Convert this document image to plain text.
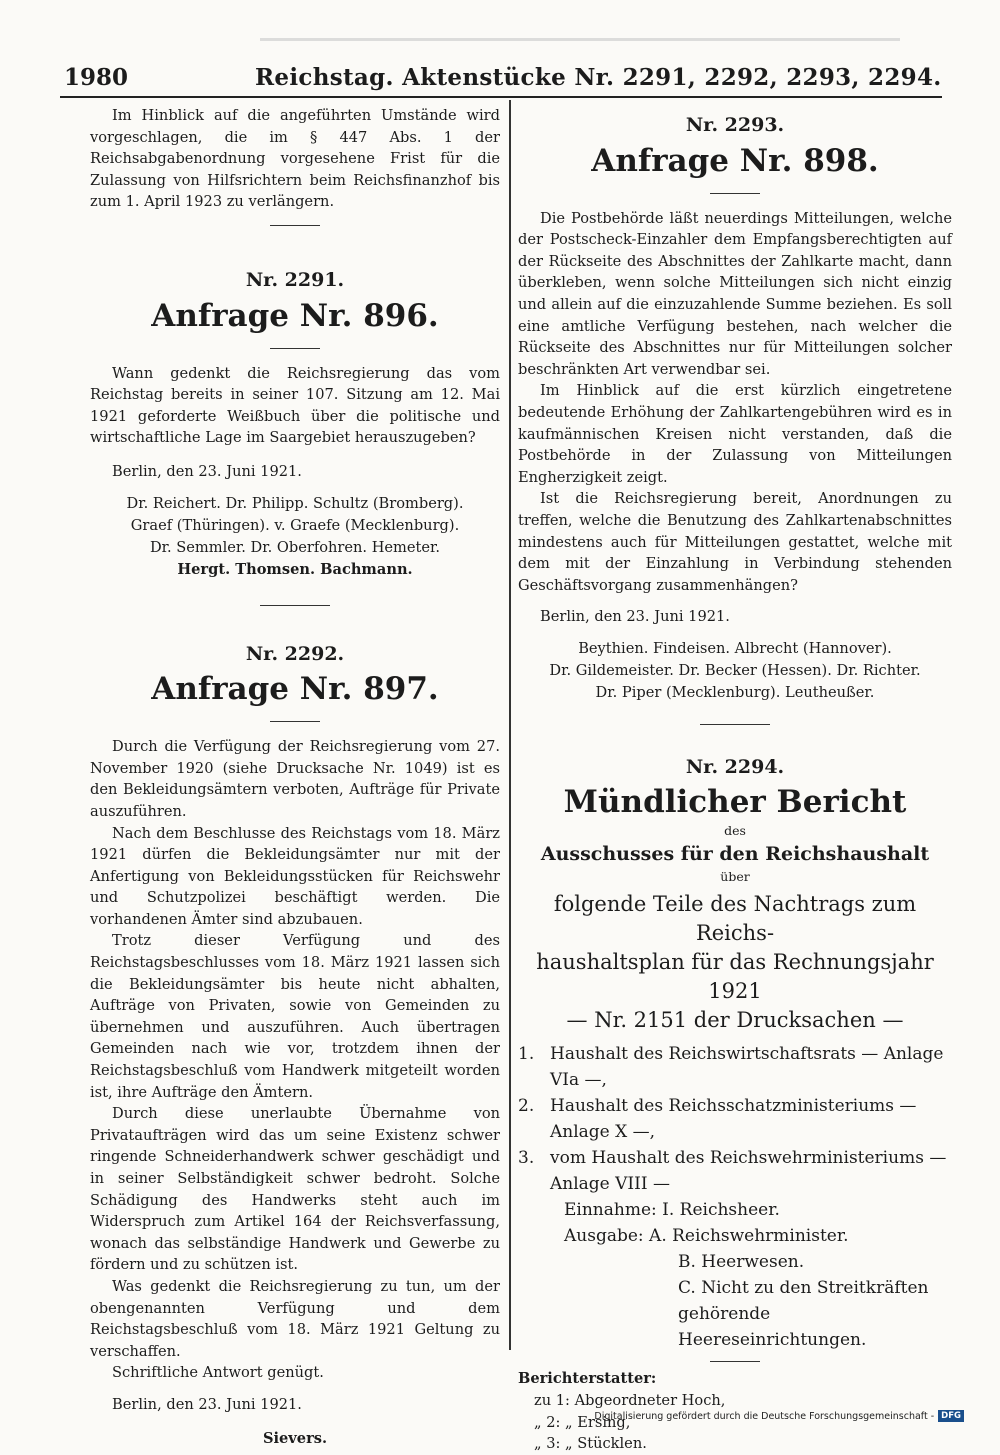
1980	Reichstag. Aktenstücke Nr. 2291, 2292, 2293, 2294.

Im Hinblick auf die angeführten Umstände wird vorgeschlagen, die im § 447 Abs. 1 der Reichsabgabenordnung vorgesehene Frist für die Zulassung von Hilfsrichtern beim Reichsfinanzhof bis zum 1. April 1923 zu verlängern.

Nr. 2291.

Anfrage Nr. 896.

Wann gedenkt die Reichsregierung das vom Reichstag bereits in seiner 107. Sitzung am 12. Mai 1921 geforderte Weißbuch über die politische und wirtschaftliche Lage im Saargebiet herauszugeben?

Berlin, den 23. Juni 1921.

Dr. Reichert. Dr. Philipp. Schultz (Bromberg).
Graef (Thüringen). v. Graefe (Mecklenburg).
Dr. Semmler. Dr. Oberfohren. Hemeter.
Hergt. Thomsen. Bachmann.

Nr. 2292.

Anfrage Nr. 897.

Durch die Verfügung der Reichsregierung vom 27. November 1920 (siehe Drucksache Nr. 1049) ist es den Bekleidungsämtern verboten, Aufträge für Private auszuführen.

Nach dem Beschlusse des Reichstags vom 18. März 1921 dürfen die Bekleidungsämter nur mit der Anfertigung von Bekleidungsstücken für Reichswehr und Schutzpolizei beschäftigt werden. Die vorhandenen Ämter sind abzubauen.

Trotz dieser Verfügung und des Reichstagsbeschlusses vom 18. März 1921 lassen sich die Bekleidungsämter bis heute nicht abhalten, Aufträge von Privaten, sowie von Gemeinden zu übernehmen und auszuführen. Auch übertragen Gemeinden nach wie vor, trotzdem ihnen der Reichstagsbeschluß vom Handwerk mitgeteilt worden ist, ihre Aufträge den Ämtern.

Durch diese unerlaubte Übernahme von Privataufträgen wird das um seine Existenz schwer ringende Schneiderhandwerk schwer geschädigt und in seiner Selbständigkeit schwer bedroht. Solche Schädigung des Handwerks steht auch im Widerspruch zum Artikel 164 der Reichsverfassung, wonach das selbständige Handwerk und Gewerbe zu fördern und zu schützen ist.

Was gedenkt die Reichsregierung zu tun, um der obengenannten Verfügung und dem Reichstagsbeschluß vom 18. März 1921 Geltung zu verschaffen.

Schriftliche Antwort genügt.

Berlin, den 23. Juni 1921.

Sievers.

Nr. 2293.

Anfrage Nr. 898.

Die Postbehörde läßt neuerdings Mitteilungen, welche der Postscheck-Einzahler dem Empfangsberechtigten auf der Rückseite des Abschnittes der Zahlkarte macht, dann überkleben, wenn solche Mitteilungen sich nicht einzig und allein auf die einzuzahlende Summe beziehen. Es soll eine amtliche Verfügung bestehen, nach welcher die Rückseite des Abschnittes nur für Mitteilungen solcher beschränkten Art verwendbar sei.

Im Hinblick auf die erst kürzlich eingetretene bedeutende Erhöhung der Zahlkartengebühren wird es in kaufmännischen Kreisen nicht verstanden, daß die Postbehörde in der Zulassung von Mitteilungen Engherzigkeit zeigt.

Ist die Reichsregierung bereit, Anordnungen zu treffen, welche die Benutzung des Zahlkartenabschnittes mindestens auch für Mitteilungen gestattet, welche mit dem mit der Einzahlung in Verbindung stehenden Geschäftsvorgang zusammenhängen?

Berlin, den 23. Juni 1921.

Beythien. Findeisen. Albrecht (Hannover).
Dr. Gildemeister. Dr. Becker (Hessen). Dr. Richter.
Dr. Piper (Mecklenburg). Leutheußer.

Nr. 2294.

Mündlicher Bericht

des

Ausschusses für den Reichshaushalt

über

folgende Teile des Nachtrags zum Reichs-

haushaltsplan für das Rechnungsjahr 1921

— Nr. 2151 der Drucksachen —

1. Haushalt des Reichswirtschaftsrats — Anlage VIa —,
2. Haushalt des Reichsschatzministeriums — Anlage X —,
3. vom Haushalt des Reichswehrministeriums — Anlage VIII —
Einnahme: I. Reichsheer.
Ausgabe: A. Reichswehrminister.
B. Heerwesen.
C. Nicht zu den Streitkräften gehörende Heereseinrichtungen.

Berichterstatter:

zu 1: Abgeordneter Hoch,

„ 2: „ Ersing,

„ 3: „ Stücklen.

Digitalisierung gefördert durch die Deutsche Forschungsgemeinschaft - DFG
